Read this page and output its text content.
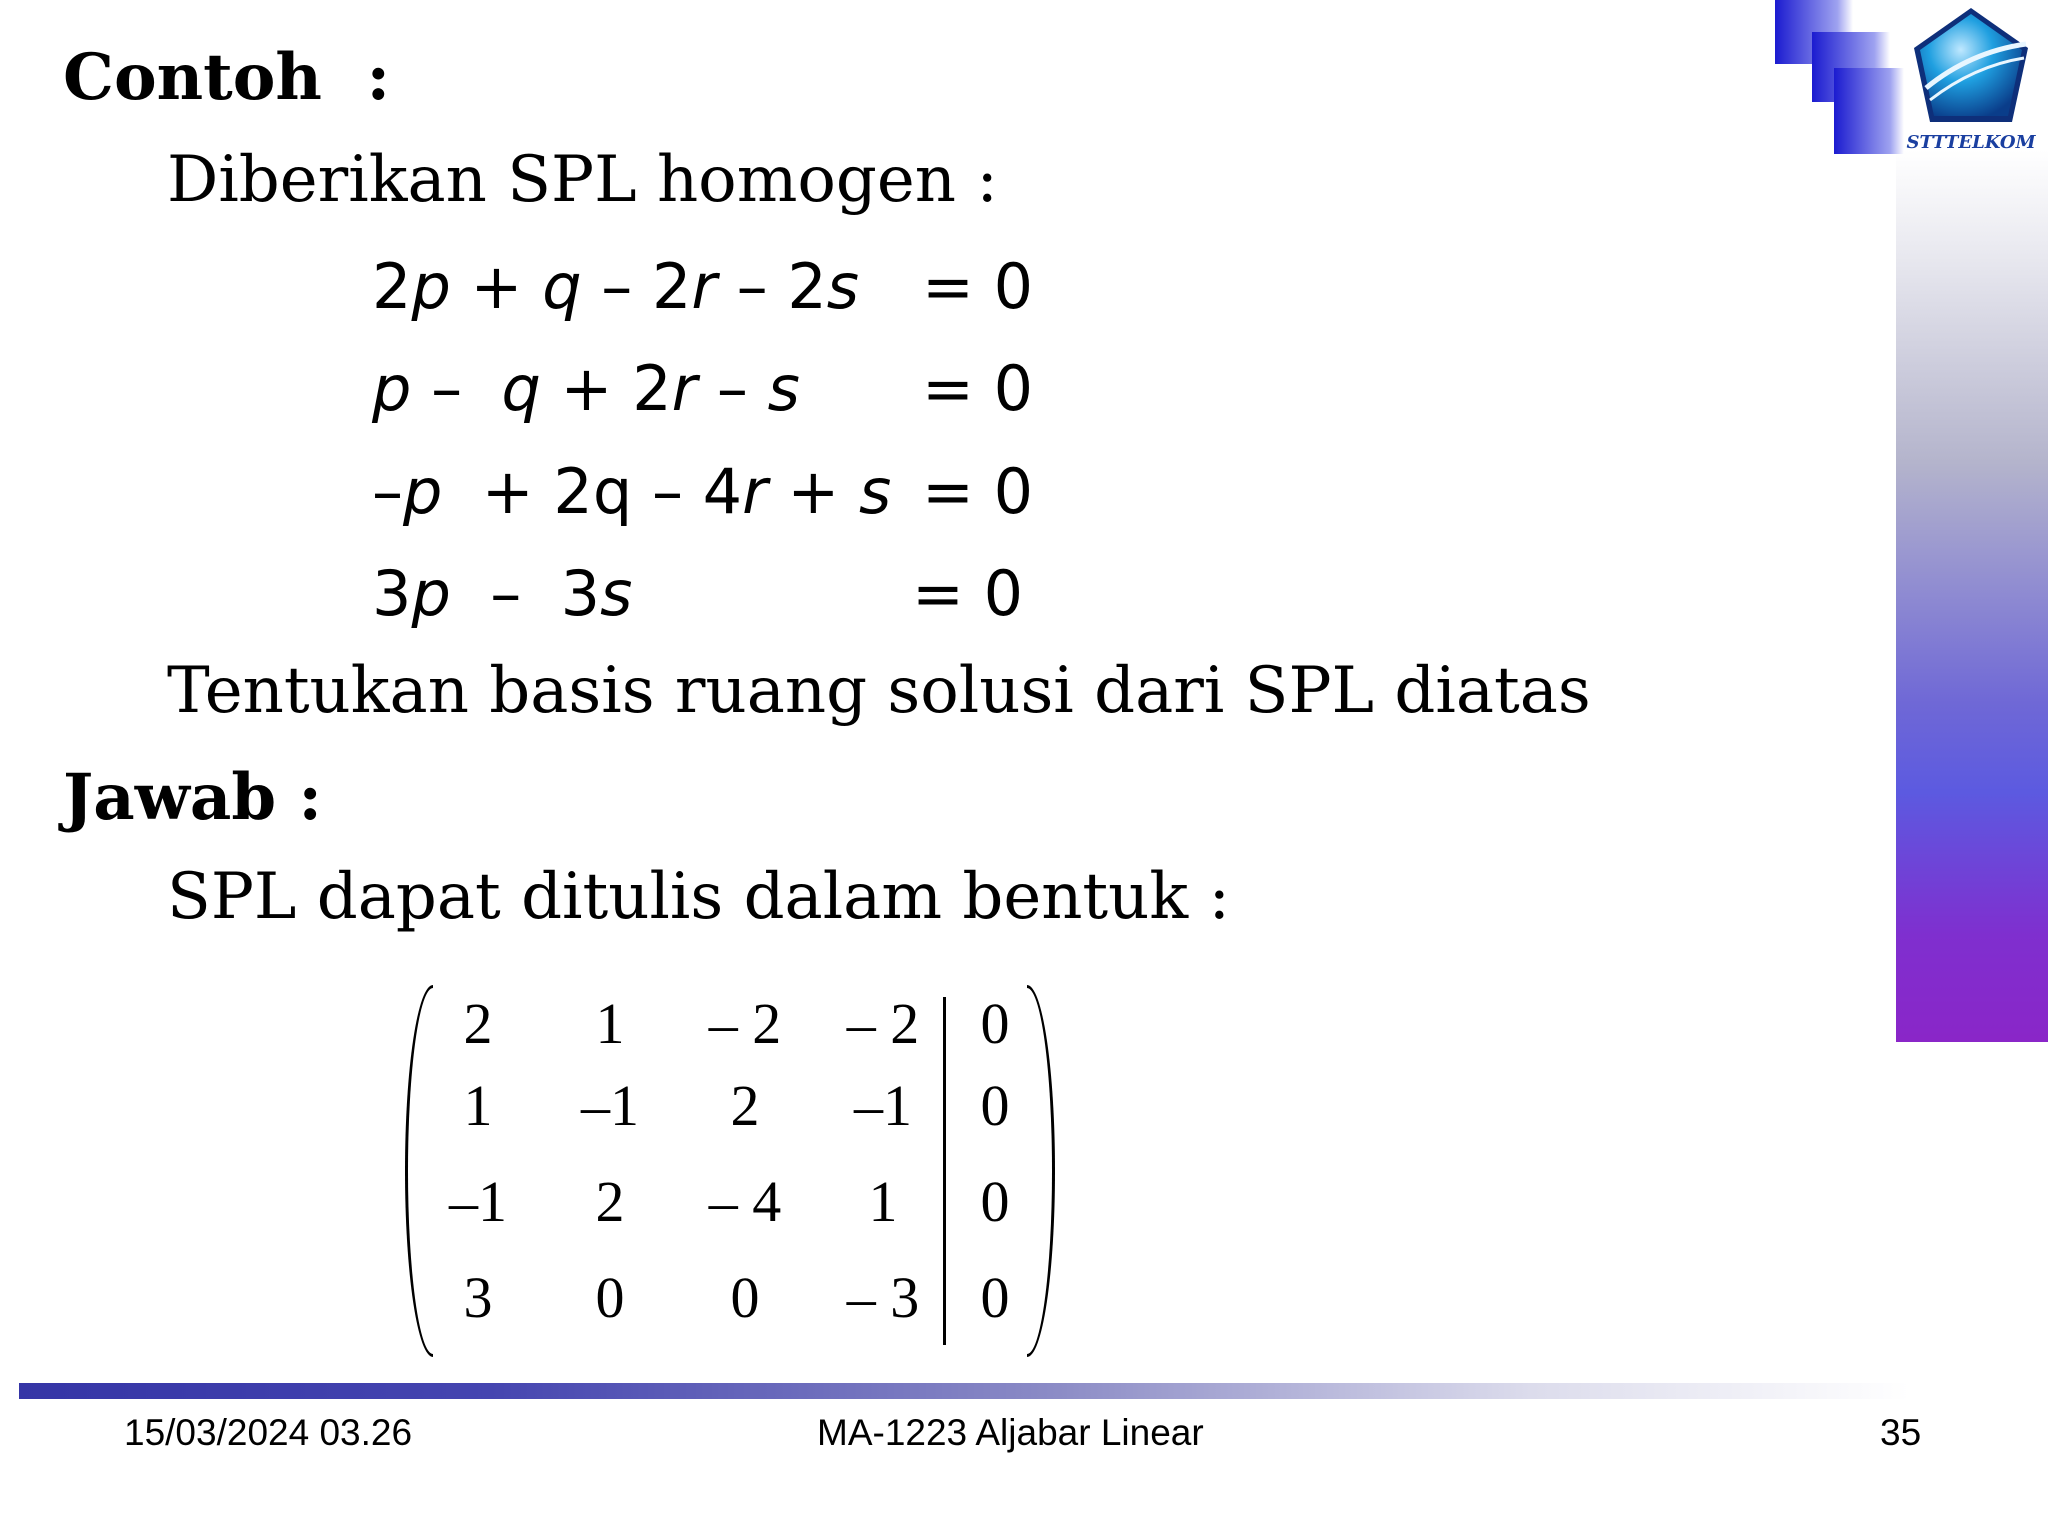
STTTELKOM
Contoh  :
Diberikan SPL homogen :
2p + q – 2r – 2s = 0
p –  q + 2r – s = 0
–p  + 2q – 4r + s = 0
3p  –  3s	= 0
Tentukan basis ruang solusi dari SPL diatas
Jawab :
SPL dapat ditulis dalam bentuk :
2	1	– 2	– 2	0
1	–1	2	–1	0
–1	2	– 4	1	0
3	0	0	– 3	0
15/03/2024 03.26	MA-1223 Aljabar Linear	35
